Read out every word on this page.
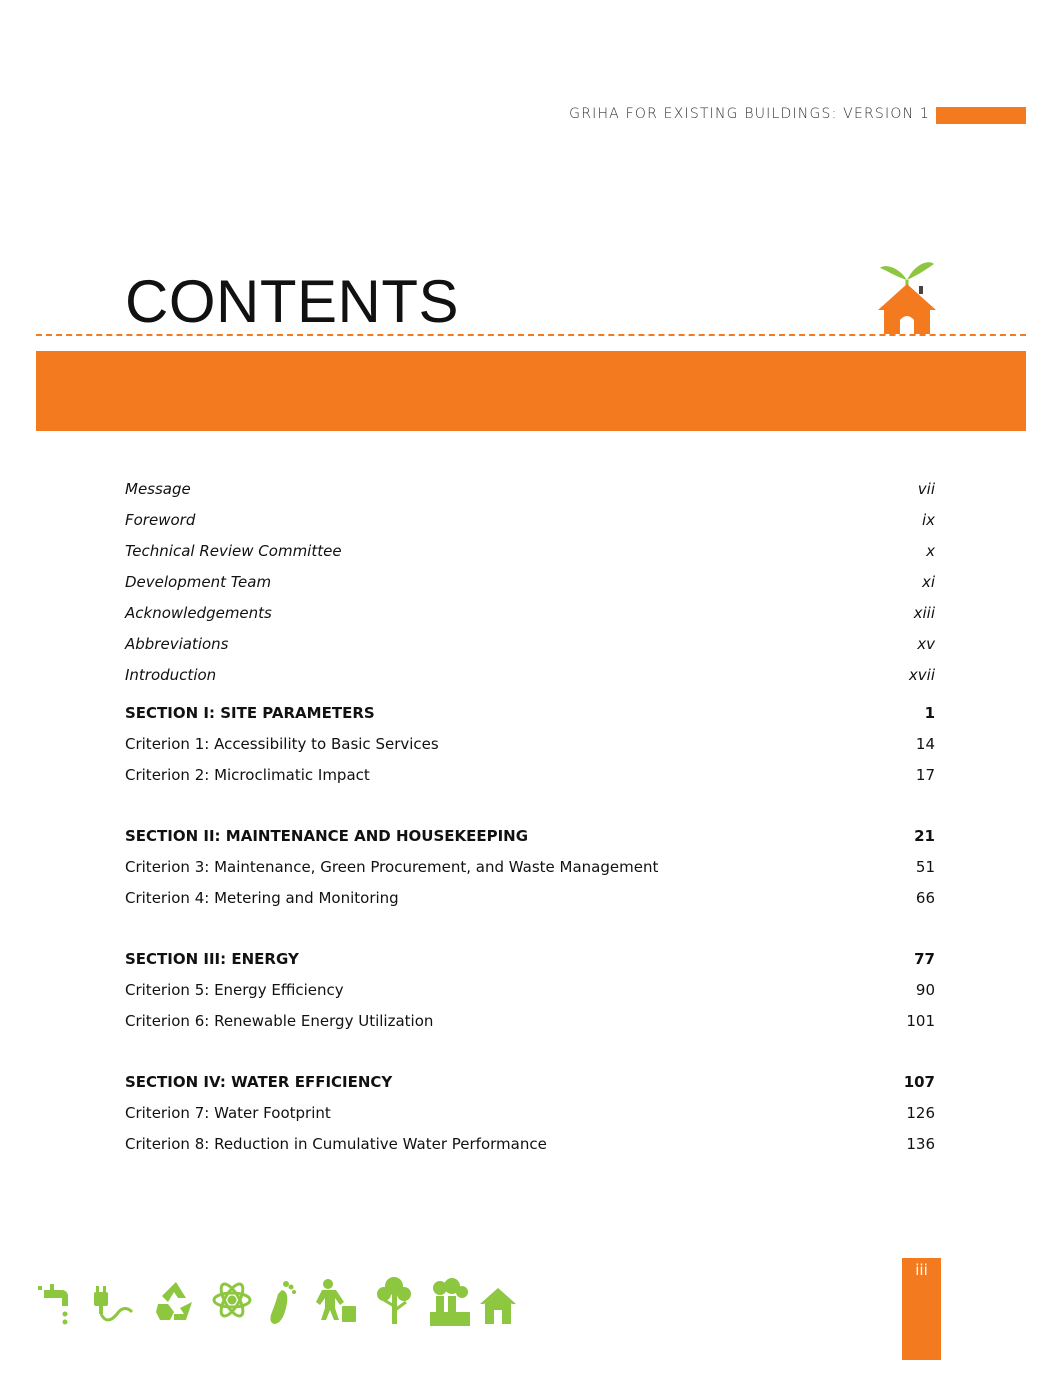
GRIHA FOR EXISTING BUILDINGS: VERSION 1
CONTENTS
Message	vii
Foreword	ix
Technical Review Committee	x
Development Team	xi
Acknowledgements	xiii
Abbreviations	xv
Introduction	xvii
SECTION I: SITE PARAMETERS	1
Criterion 1: Accessibility to Basic Services	14
Criterion 2: Microclimatic Impact	17
SECTION II: MAINTENANCE AND HOUSEKEEPING	21
Criterion 3: Maintenance, Green Procurement, and Waste Management	51
Criterion 4: Metering and Monitoring	66
SECTION III: ENERGY	77
Criterion 5: Energy Efficiency	90
Criterion 6: Renewable Energy Utilization	101
SECTION IV: WATER EFFICIENCY	107
Criterion 7: Water Footprint	126
Criterion 8: Reduction in Cumulative Water Performance	136
iii
